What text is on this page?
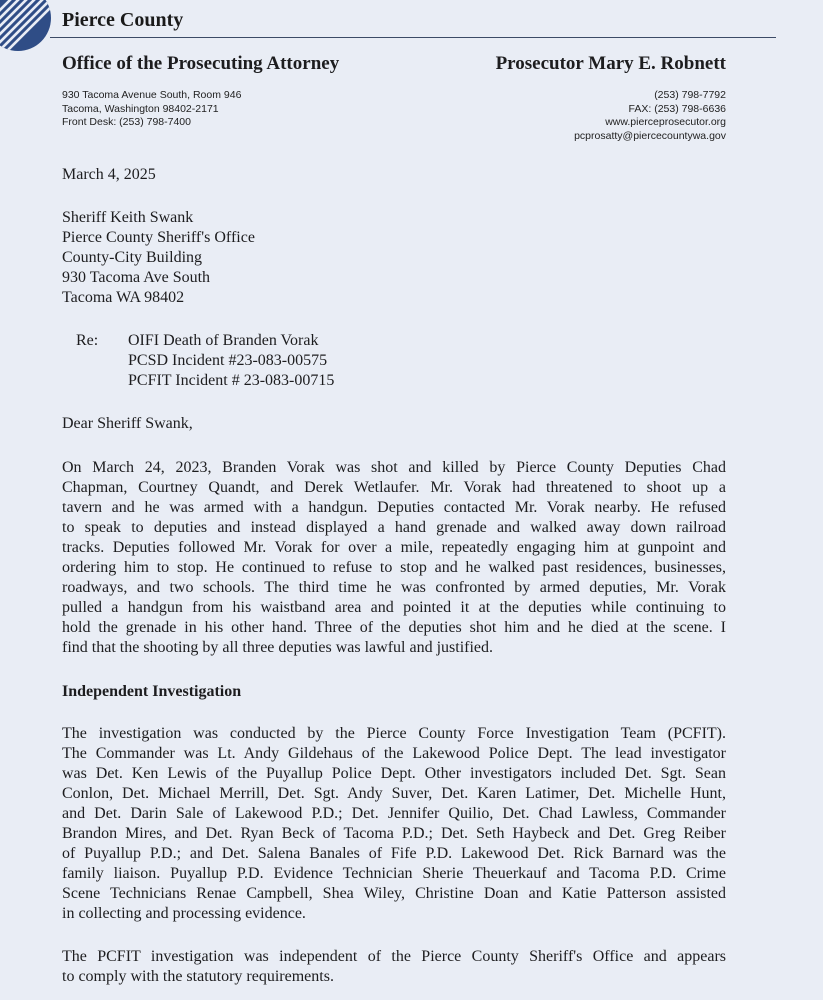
Pierce County
Office of the Prosecuting Attorney	Prosecutor Mary E. Robnett
930 Tacoma Avenue South, Room 946
Tacoma, Washington 98402-2171
Front Desk: (253) 798-7400
(253) 798-7792
FAX: (253) 798-6636
www.pierceprosecutor.org
pcprosatty@piercecountywa.gov
March 4, 2025
Sheriff Keith Swank
Pierce County Sheriff's Office
County-City Building
930 Tacoma Ave South
Tacoma WA 98402
Re:	OIFI Death of Branden Vorak
PCSD Incident #23-083-00575
PCFIT Incident # 23-083-00715
Dear Sheriff Swank,
On March 24, 2023, Branden Vorak was shot and killed by Pierce County Deputies Chad
Chapman, Courtney Quandt, and Derek Wetlaufer. Mr. Vorak had threatened to shoot up a
tavern and he was armed with a handgun. Deputies contacted Mr. Vorak nearby. He refused
to speak to deputies and instead displayed a hand grenade and walked away down railroad
tracks. Deputies followed Mr. Vorak for over a mile, repeatedly engaging him at gunpoint and
ordering him to stop. He continued to refuse to stop and he walked past residences, businesses,
roadways, and two schools. The third time he was confronted by armed deputies, Mr. Vorak
pulled a handgun from his waistband area and pointed it at the deputies while continuing to
hold the grenade in his other hand. Three of the deputies shot him and he died at the scene. I
find that the shooting by all three deputies was lawful and justified.
Independent Investigation
The investigation was conducted by the Pierce County Force Investigation Team (PCFIT).
The Commander was Lt. Andy Gildehaus of the Lakewood Police Dept. The lead investigator
was Det. Ken Lewis of the Puyallup Police Dept. Other investigators included Det. Sgt. Sean
Conlon, Det. Michael Merrill, Det. Sgt. Andy Suver, Det. Karen Latimer, Det. Michelle Hunt,
and Det. Darin Sale of Lakewood P.D.; Det. Jennifer Quilio, Det. Chad Lawless, Commander
Brandon Mires, and Det. Ryan Beck of Tacoma P.D.; Det. Seth Haybeck and Det. Greg Reiber
of Puyallup P.D.; and Det. Salena Banales of Fife P.D. Lakewood Det. Rick Barnard was the
family liaison. Puyallup P.D. Evidence Technician Sherie Theuerkauf and Tacoma P.D. Crime
Scene Technicians Renae Campbell, Shea Wiley, Christine Doan and Katie Patterson assisted
in collecting and processing evidence.
The PCFIT investigation was independent of the Pierce County Sheriff's Office and appears
to comply with the statutory requirements.
